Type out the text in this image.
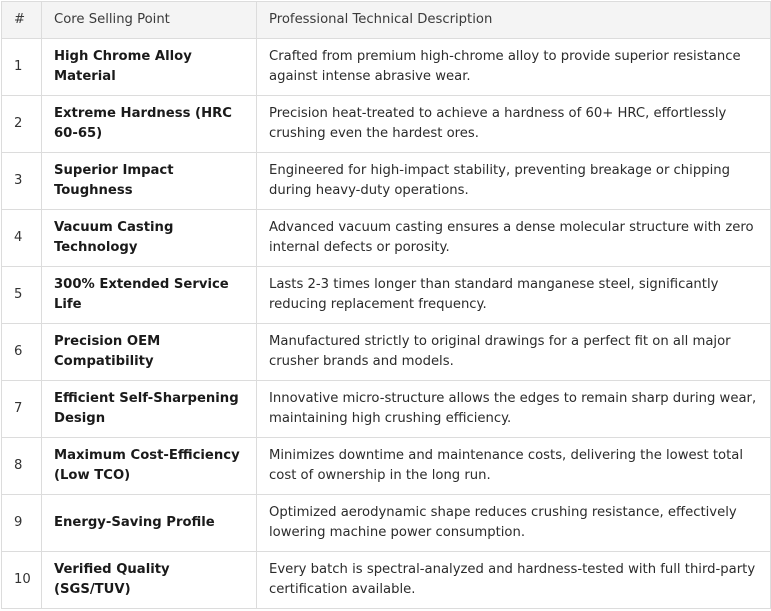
#	Core Selling Point	Professional Technical Description
1	High Chrome Alloy Material	Crafted from premium high-chrome alloy to provide superior resistance against intense abrasive wear.
2	Extreme Hardness (HRC 60-65)	Precision heat-treated to achieve a hardness of 60+ HRC, effortlessly crushing even the hardest ores.
3	Superior Impact Toughness	Engineered for high-impact stability, preventing breakage or chipping during heavy-duty operations.
4	Vacuum Casting Technology	Advanced vacuum casting ensures a dense molecular structure with zero internal defects or porosity.
5	300% Extended Service Life	Lasts 2-3 times longer than standard manganese steel, significantly reducing replacement frequency.
6	Precision OEM Compatibility	Manufactured strictly to original drawings for a perfect fit on all major crusher brands and models.
7	Efficient Self-Sharpening Design	Innovative micro-structure allows the edges to remain sharp during wear, maintaining high crushing efficiency.
8	Maximum Cost-Efficiency (Low TCO)	Minimizes downtime and maintenance costs, delivering the lowest total cost of ownership in the long run.
9	Energy-Saving Profile	Optimized aerodynamic shape reduces crushing resistance, effectively lowering machine power consumption.
10	Verified Quality (SGS/TUV)	Every batch is spectral-analyzed and hardness-tested with full third-party certification available.
